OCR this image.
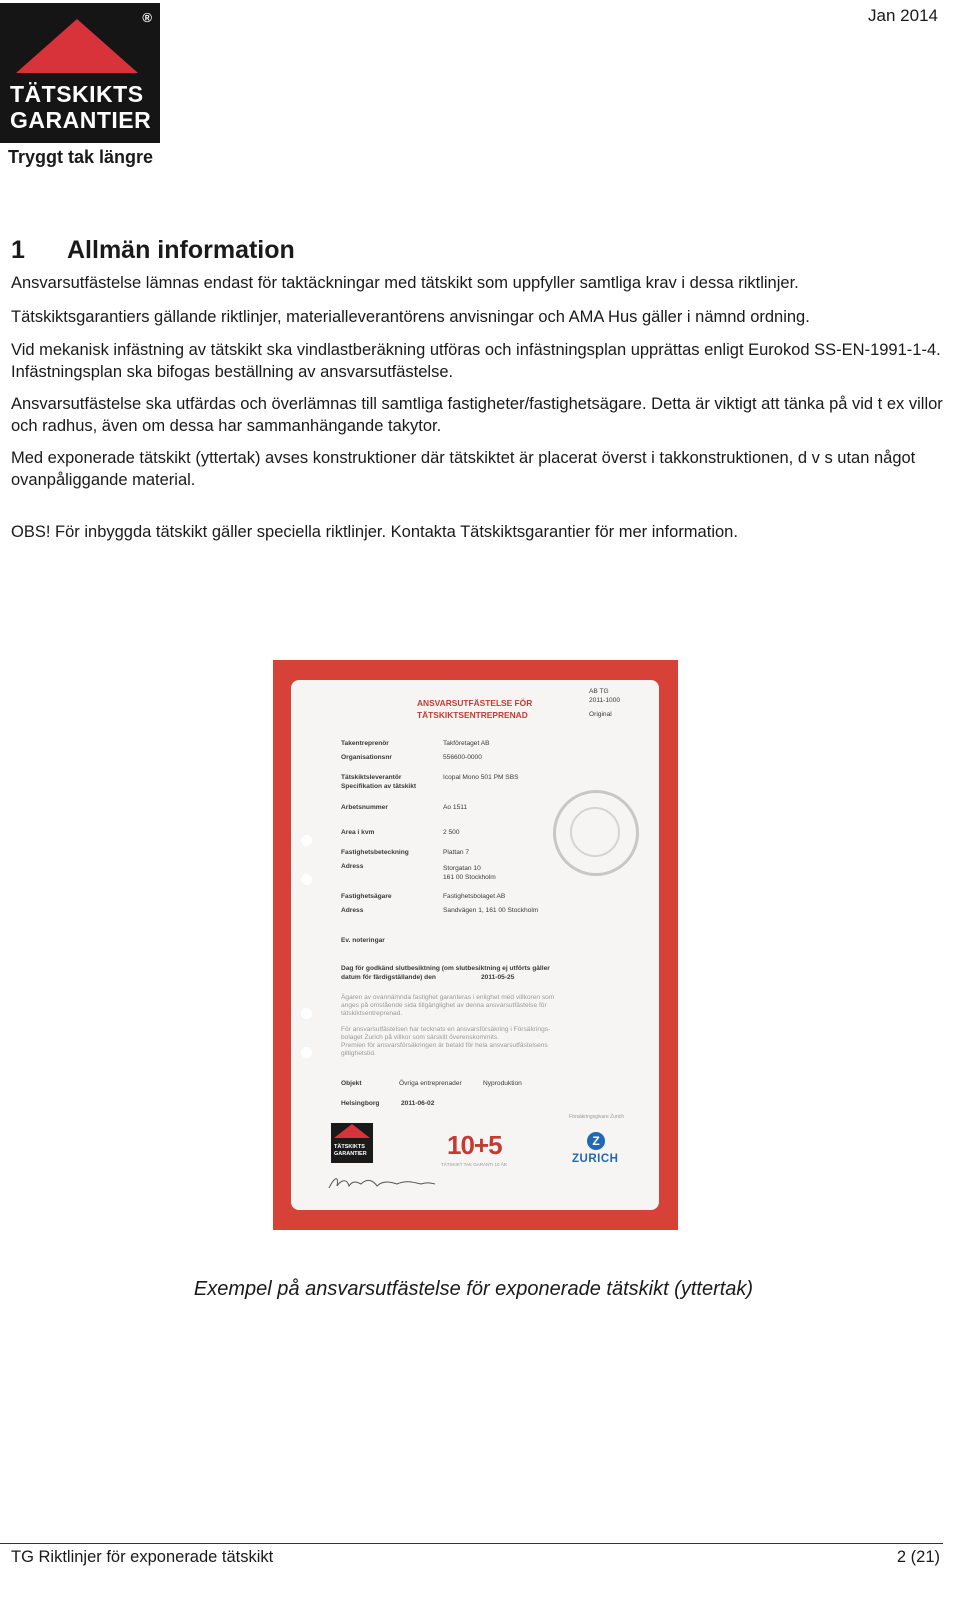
®
TÄTSKIKTS
GARANTIER
Tryggt tak längre
Jan 2014
1 Allmän information

Ansvarsutfästelse lämnas endast för taktäckningar med tätskikt som uppfyller samtliga krav i dessa riktlinjer.

Tätskiktsgarantiers gällande riktlinjer, materialleverantörens anvisningar och AMA Hus gäller i nämnd ordning.

Vid mekanisk infästning av tätskikt ska vindlastberäkning utföras och infästningsplan upprättas enligt Eurokod SS-EN-1991-1-4. Infästningsplan ska bifogas beställning av ansvarsutfästelse.

Ansvarsutfästelse ska utfärdas och överlämnas till samtliga fastigheter/fastighetsägare. Detta är viktigt att tänka på vid t ex villor och radhus, även om dessa har sammanhängande takytor.

Med exponerade tätskikt (yttertak) avses konstruktioner där tätskiktet är placerat överst i takkonstruktionen, d v s utan något ovanpåliggande material.

OBS! För inbyggda tätskikt gäller speciella riktlinjer. Kontakta Tätskiktsgarantier för mer information.

ANSVARSUTFÄSTELSE FÖR
TÄTSKIKTSENTREPRENAD
AB TG
2011-1000
Original
Takentreprenör	Takföretaget AB
Organisationsnr	556600-0000
Tätskiktsleverantör	Icopal Mono 501 PM SBS
Specifikation av tätskikt
Arbetsnummer	Ao 1511
Area i kvm	2 500
Fastighetsbeteckning	Plattan 7
Adress	Storgatan 10
161 00 Stockholm
Fastighetsägare	Fastighetsbolaget AB
Adress	Sandvägen 1, 161 00 Stockholm
Ev. noteringar
Dag för godkänd slutbesiktning (om slutbesiktning ej utförts gäller
datum för färdigställande) den	2011-05-25
Ägaren av ovannämnda fastighet garanteras i enlighet med villkoren som
anges på omstående sida tillgänglighet av denna ansvarsutfästelse för
tätskiktsentreprenad.
För ansvarsutfästelsen har tecknats en ansvarsförsäkring i Försäkrings-
bolaget Zurich på villkor som särskilt överenskommits.
Premien för ansvarsförsäkringen är betald för hela ansvarsutfästelsens
giltighetstid.
Objekt	Övriga entreprenader	Nyproduktion
Helsingborg	2011-06-02
TÄTSKIKTS
GARANTIER	10+5
TÄTSKIKT TAK GARANTI 10 ÅR
Försäkringsgivare Zurich
Z
ZURICH

Exempel på ansvarsutfästelse för exponerade tätskikt (yttertak)

TG Riktlinjer för exponerade tätskikt	2 (21)
